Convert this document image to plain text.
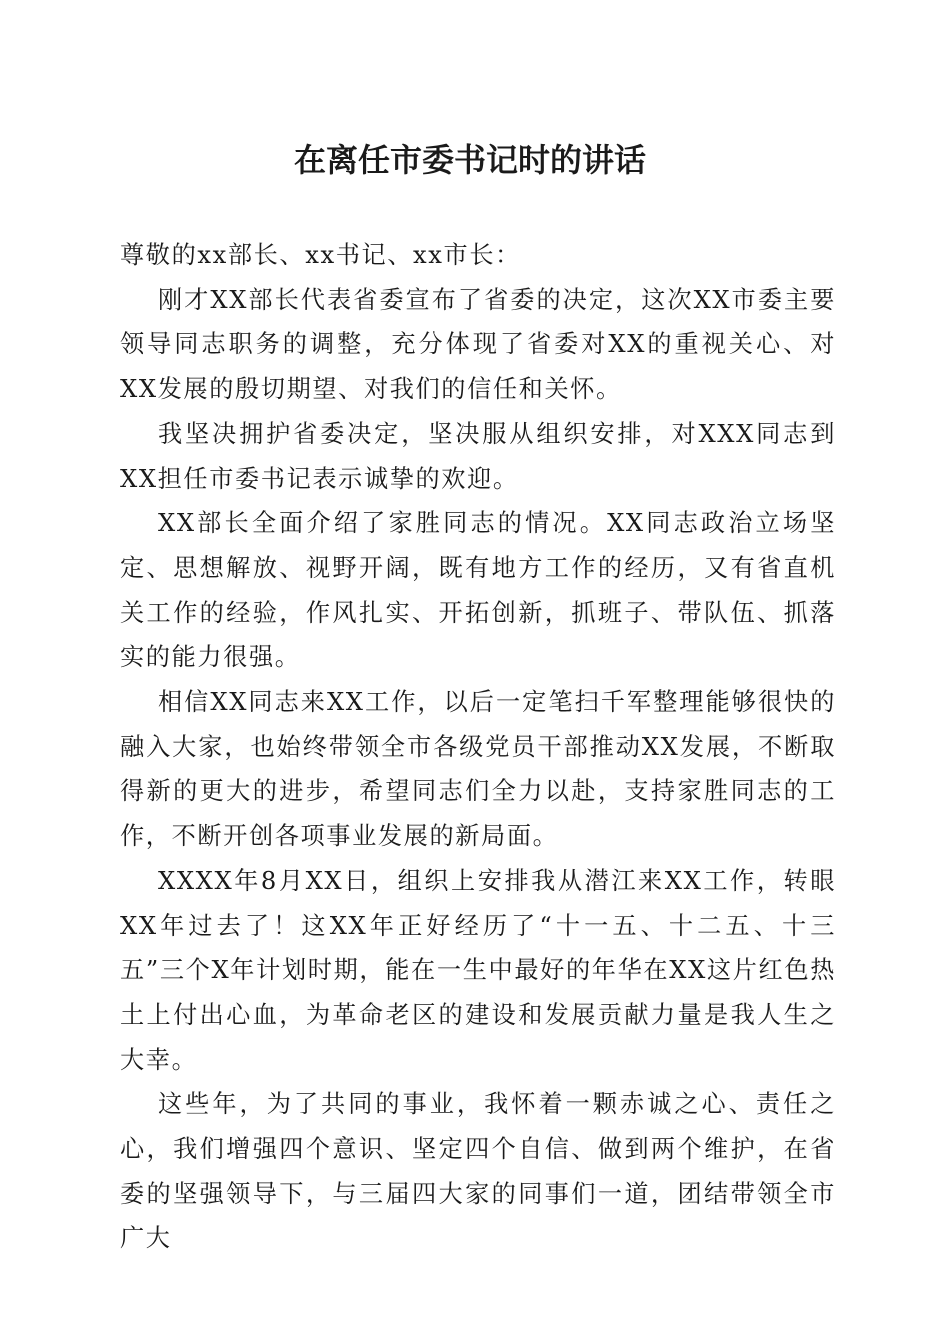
在离任市委书记时的讲话

尊敬的xx部长、xx书记、xx市长：

刚才XX部长代表省委宣布了省委的决定，这次XX市委主要领导同志职务的调整，充分体现了省委对XX的重视关心、对XX发展的殷切期望、对我们的信任和关怀。

我坚决拥护省委决定，坚决服从组织安排，对XXX同志到XX担任市委书记表示诚挚的欢迎。

XX部长全面介绍了家胜同志的情况。XX同志政治立场坚定、思想解放、视野开阔，既有地方工作的经历，又有省直机关工作的经验，作风扎实、开拓创新，抓班子、带队伍、抓落实的能力很强。

相信XX同志来XX工作，以后一定笔扫千军整理能够很快的融入大家，也始终带领全市各级党员干部推动XX发展，不断取得新的更大的进步，希望同志们全力以赴，支持家胜同志的工作，不断开创各项事业发展的新局面。

XXXX年8月XX日，组织上安排我从潜江来XX工作，转眼XX年过去了！这XX年正好经历了“十一五、十二五、十三五”三个X年计划时期，能在一生中最好的年华在XX这片红色热土上付出心血，为革命老区的建设和发展贡献力量是我人生之大幸。

这些年，为了共同的事业，我怀着一颗赤诚之心、责任之心，我们增强四个意识、坚定四个自信、做到两个维护，在省委的坚强领导下，与三届四大家的同事们一道，团结带领全市广大
